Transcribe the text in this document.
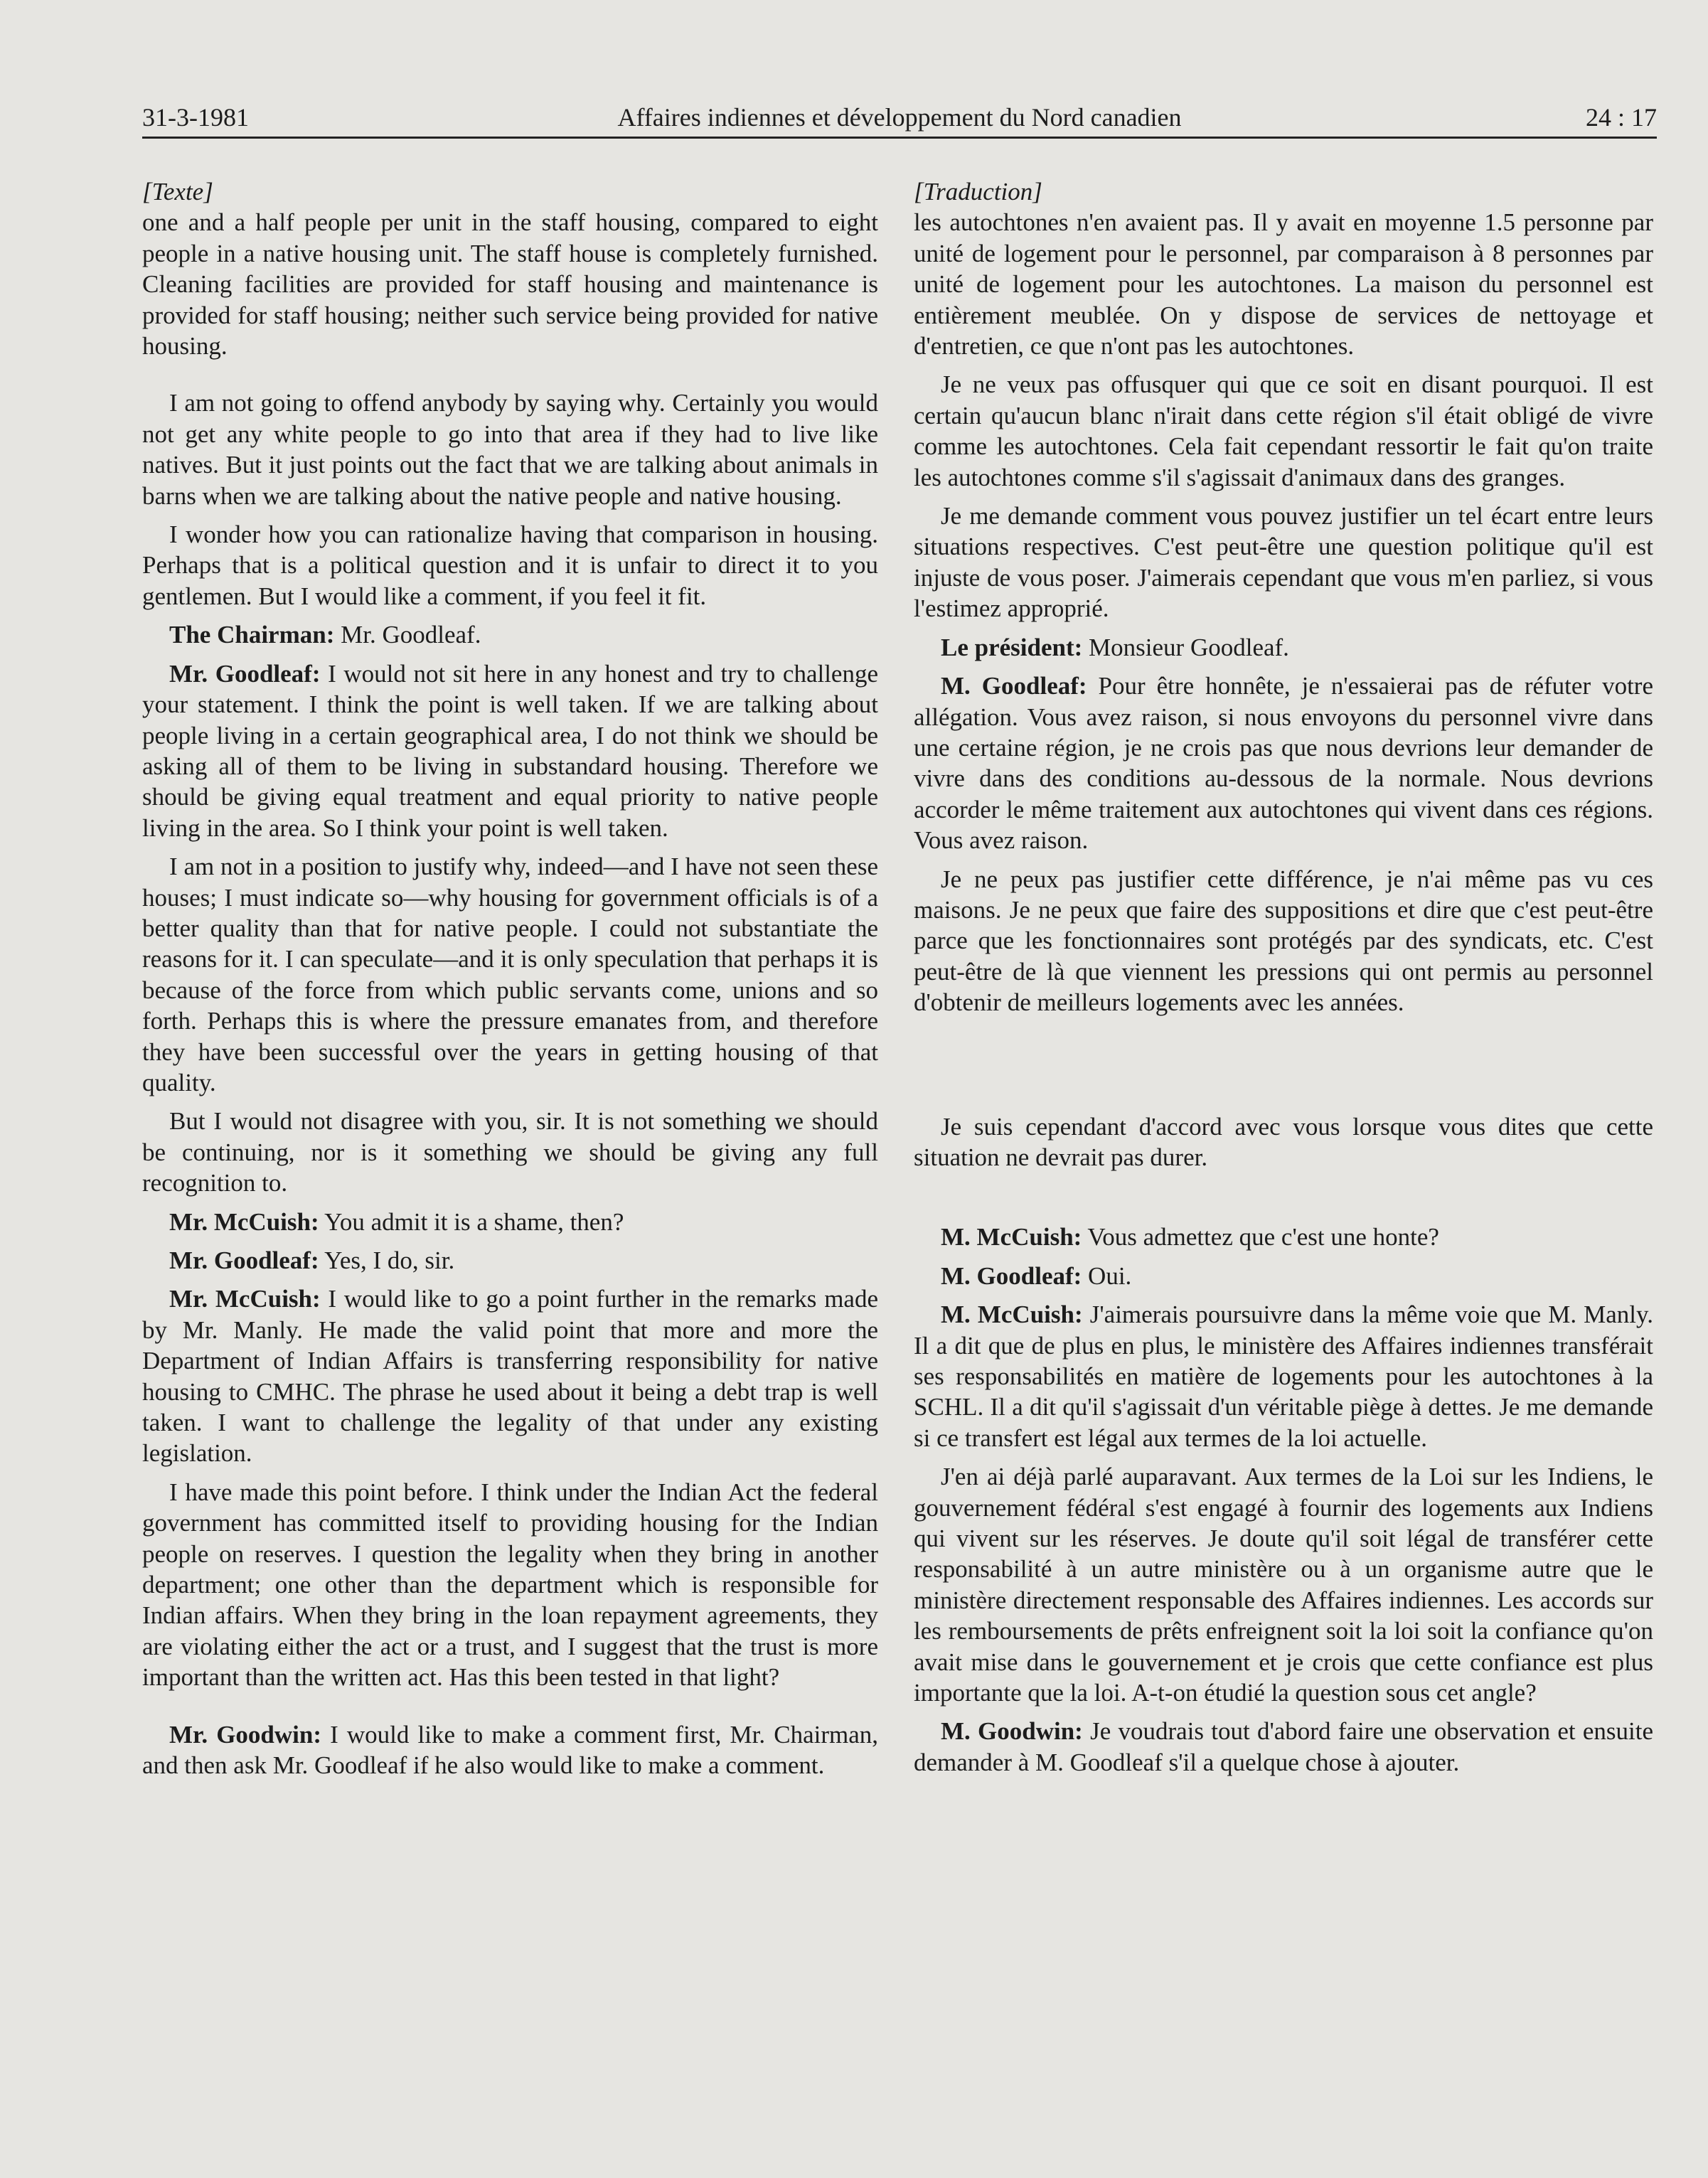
31-3-1981	Affaires indiennes et développement du Nord canadien	24 : 17
[Texte]

one and a half people per unit in the staff housing, compared to eight people in a native housing unit. The staff house is completely furnished. Cleaning facilities are provided for staff housing and maintenance is provided for staff housing; neither such service being provided for native housing.

I am not going to offend anybody by saying why. Certainly you would not get any white people to go into that area if they had to live like natives. But it just points out the fact that we are talking about animals in barns when we are talking about the native people and native housing.

I wonder how you can rationalize having that comparison in housing. Perhaps that is a political question and it is unfair to direct it to you gentlemen. But I would like a comment, if you feel it fit.

The Chairman: Mr. Goodleaf.

Mr. Goodleaf: I would not sit here in any honest and try to challenge your statement. I think the point is well taken. If we are talking about people living in a certain geographical area, I do not think we should be asking all of them to be living in substandard housing. Therefore we should be giving equal treatment and equal priority to native people living in the area. So I think your point is well taken.

I am not in a position to justify why, indeed—and I have not seen these houses; I must indicate so—why housing for government officials is of a better quality than that for native people. I could not substantiate the reasons for it. I can speculate—and it is only speculation that perhaps it is because of the force from which public servants come, unions and so forth. Perhaps this is where the pressure emanates from, and therefore they have been successful over the years in getting housing of that quality.

But I would not disagree with you, sir. It is not something we should be continuing, nor is it something we should be giving any full recognition to.

Mr. McCuish: You admit it is a shame, then?

Mr. Goodleaf: Yes, I do, sir.

Mr. McCuish: I would like to go a point further in the remarks made by Mr. Manly. He made the valid point that more and more the Department of Indian Affairs is transferring responsibility for native housing to CMHC. The phrase he used about it being a debt trap is well taken. I want to challenge the legality of that under any existing legislation.

I have made this point before. I think under the Indian Act the federal government has committed itself to providing housing for the Indian people on reserves. I question the legality when they bring in another department; one other than the department which is responsible for Indian affairs. When they bring in the loan repayment agreements, they are violating either the act or a trust, and I suggest that the trust is more important than the written act. Has this been tested in that light?

Mr. Goodwin: I would like to make a comment first, Mr. Chairman, and then ask Mr. Goodleaf if he also would like to make a comment.

[Traduction]

les autochtones n'en avaient pas. Il y avait en moyenne 1.5 personne par unité de logement pour le personnel, par comparaison à 8 personnes par unité de logement pour les autochtones. La maison du personnel est entièrement meublée. On y dispose de services de nettoyage et d'entretien, ce que n'ont pas les autochtones.

Je ne veux pas offusquer qui que ce soit en disant pourquoi. Il est certain qu'aucun blanc n'irait dans cette région s'il était obligé de vivre comme les autochtones. Cela fait cependant ressortir le fait qu'on traite les autochtones comme s'il s'agissait d'animaux dans des granges.

Je me demande comment vous pouvez justifier un tel écart entre leurs situations respectives. C'est peut-être une question politique qu'il est injuste de vous poser. J'aimerais cependant que vous m'en parliez, si vous l'estimez approprié.

Le président: Monsieur Goodleaf.

M. Goodleaf: Pour être honnête, je n'essaierai pas de réfuter votre allégation. Vous avez raison, si nous envoyons du personnel vivre dans une certaine région, je ne crois pas que nous devrions leur demander de vivre dans des conditions au-dessous de la normale. Nous devrions accorder le même traitement aux autochtones qui vivent dans ces régions. Vous avez raison.

Je ne peux pas justifier cette différence, je n'ai même pas vu ces maisons. Je ne peux que faire des suppositions et dire que c'est peut-être parce que les fonctionnaires sont protégés par des syndicats, etc. C'est peut-être de là que viennent les pressions qui ont permis au personnel d'obtenir de meilleurs logements avec les années.

Je suis cependant d'accord avec vous lorsque vous dites que cette situation ne devrait pas durer.

M. McCuish: Vous admettez que c'est une honte?

M. Goodleaf: Oui.

M. McCuish: J'aimerais poursuivre dans la même voie que M. Manly. Il a dit que de plus en plus, le ministère des Affaires indiennes transférait ses responsabilités en matière de logements pour les autochtones à la SCHL. Il a dit qu'il s'agissait d'un véritable piège à dettes. Je me demande si ce transfert est légal aux termes de la loi actuelle.

J'en ai déjà parlé auparavant. Aux termes de la Loi sur les Indiens, le gouvernement fédéral s'est engagé à fournir des logements aux Indiens qui vivent sur les réserves. Je doute qu'il soit légal de transférer cette responsabilité à un autre ministère ou à un organisme autre que le ministère directement responsable des Affaires indiennes. Les accords sur les remboursements de prêts enfreignent soit la loi soit la confiance qu'on avait mise dans le gouvernement et je crois que cette confiance est plus importante que la loi. A-t-on étudié la question sous cet angle?

M. Goodwin: Je voudrais tout d'abord faire une observation et ensuite demander à M. Goodleaf s'il a quelque chose à ajouter.
